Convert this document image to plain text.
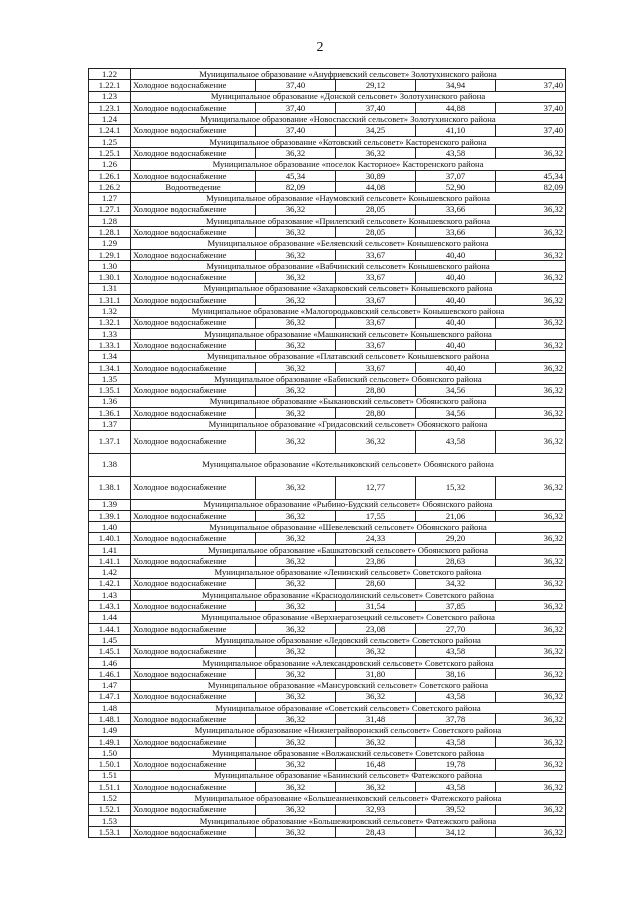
2
1.22	Муниципальное образование «Ануфриевский сельсовет» Золотухинского района				
1.22.1	Холодное водоснабжение	37,40	29,12	34,94	37,40
1.23	Муниципальное образование «Донской сельсовет» Золотухинского района				
1.23.1	Холодное водоснабжение	37,40	37,40	44,88	37,40
1.24	Муниципальное образование «Новоспасский сельсовет» Золотухинского района				
1.24.1	Холодное водоснабжение	37,40	34,25	41,10	37,40
1.25	Муниципальное образование «Котовский сельсовет» Касторенского района				
1.25.1	Холодное водоснабжение	36,32	36,32	43,58	36,32
1.26	Муниципальное образование «поселок Касторное» Касторенского района				
1.26.1	Холодное водоснабжение	45,34	30,89	37,07	45,34
1.26.2	Водоотведение	82,09	44,08	52,90	82,09
1.27	Муниципальное образование «Наумовский сельсовет» Конышевского района				
1.27.1	Холодное водоснабжение	36,32	28,05	33,66	36,32
1.28	Муниципальное образование «Прилепский сельсовет» Конышевского района				
1.28.1	Холодное водоснабжение	36,32	28,05	33,66	36,32
1.29	Муниципальное образование «Беляевский сельсовет» Конышевского района				
1.29.1	Холодное водоснабжение	36,32	33,67	40,40	36,32
1.30	Муниципальное образование «Вабчинский сельсовет» Конышевского района				
1.30.1	Холодное водоснабжение	36,32	33,67	40,40	36,32
1.31	Муниципальное образование «Захарковский сельсовет» Конышевского района				
1.31.1	Холодное водоснабжение	36,32	33,67	40,40	36,32
1.32	Муниципальное образование «Малогородьковский сельсовет» Конышевского района				
1.32.1	Холодное водоснабжение	36,32	33,67	40,40	36,32
1.33	Муниципальное образование «Машкинский сельсовет» Конышевского района				
1.33.1	Холодное водоснабжение	36,32	33,67	40,40	36,32
1.34	Муниципальное образование «Платавский сельсовет» Конышевского района				
1.34.1	Холодное водоснабжение	36,32	33,67	40,40	36,32
1.35	Муниципальное образование «Бабинский сельсовет» Обоянского района				
1.35.1	Холодное водоснабжение	36,32	28,80	34,56	36,32
1.36	Муниципальное образование «Быкановский сельсовет» Обоянского района				
1.36.1	Холодное водоснабжение	36,32	28,80	34,56	36,32
1.37	Муниципальное образование «Гридасовский сельсовет» Обоянского района				
1.37.1	Холодное водоснабжение	36,32	36,32	43,58	36,32
1.38	Муниципальное образование «Котельниковский сельсовет» Обоянского района				
1.38.1	Холодное водоснабжение	36,32	12,77	15,32	36,32
1.39	Муниципальное образование «Рыбино-Будский сельсовет» Обоянского района				
1.39.1	Холодное водоснабжение	36,32	17,55	21,06	36,32
1.40	Муниципальное образование «Шевелевский сельсовет» Обоянского района				
1.40.1	Холодное водоснабжение	36,32	24,33	29,20	36,32
1.41	Муниципальное образование «Башкатовский сельсовет» Обоянского района				
1.41.1	Холодное водоснабжение	36,32	23,86	28,63	36,32
1.42	Муниципальное образование «Ленинский сельсовет» Советского района				
1.42.1	Холодное водоснабжение	36,32	28,60	34,32	36,32
1.43	Муниципальное образование «Краснодолинский сельсовет» Советского района				
1.43.1	Холодное водоснабжение	36,32	31,54	37,85	36,32
1.44	Муниципальное образование «Верхнерагозецкий сельсовет» Советского района				
1.44.1	Холодное водоснабжение	36,32	23,08	27,70	36,32
1.45	Муниципальное образование «Ледовский сельсовет» Советского района				
1.45.1	Холодное водоснабжение	36,32	36,32	43,58	36,32
1.46	Муниципальное образование «Александровский сельсовет» Советского района				
1.46.1	Холодное водоснабжение	36,32	31,80	38,16	36,32
1.47	Муниципальное образование «Мансуровский сельсовет» Советского района				
1.47.1	Холодное водоснабжение	36,32	36,32	43,58	36,32
1.48	Муниципальное образование «Советский сельсовет» Советского района				
1.48.1	Холодное водоснабжение	36,32	31,48	37,78	36,32
1.49	Муниципальное образование «Нижнеграйворонский сельсовет» Советского района				
1.49.1	Холодное водоснабжение	36,32	36,32	43,58	36,32
1.50	Муниципальное образование «Волжанский сельсовет» Советского района				
1.50.1	Холодное водоснабжение	36,32	16,48	19,78	36,32
1.51	Муниципальное образование «Банинский сельсовет» Фатежского района				
1.51.1	Холодное водоснабжение	36,32	36,32	43,58	36,32
1.52	Муниципальное образование «Большеанненковский сельсовет» Фатежского района				
1.52.1	Холодное водоснабжение	36,32	32,93	39,52	36,32
1.53	Муниципальное образование «Большежировский сельсовет» Фатежского района				
1.53.1	Холодное водоснабжение	36,32	28,43	34,12	36,32
